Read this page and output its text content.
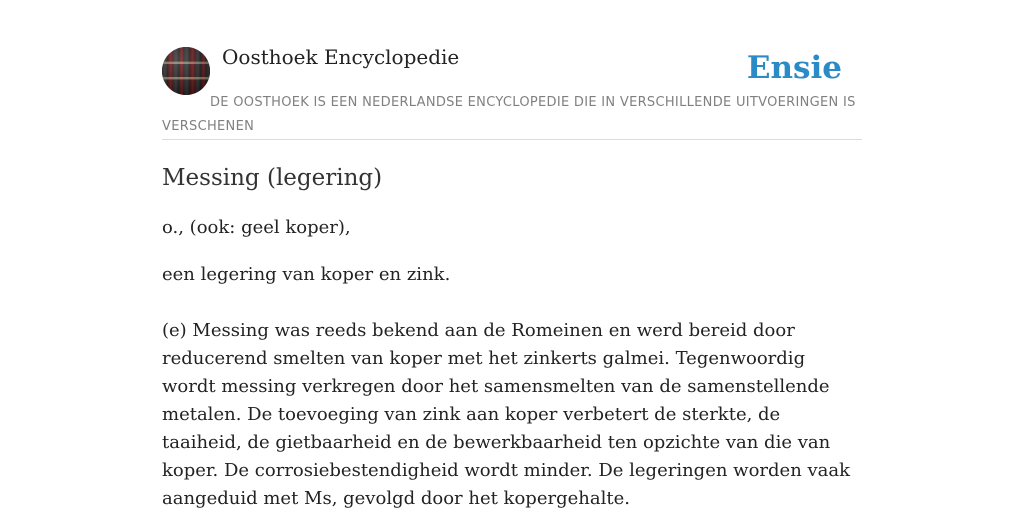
Oosthoek Encyclopedie	Ensie
DE OOSTHOEK IS EEN NEDERLANDSE ENCYCLOPEDIE DIE IN VERSCHILLENDE UITVOERINGEN IS VERSCHENEN
Messing (legering)

o., (ook: geel koper),

een legering van koper en zink.

(e) Messing was reeds bekend aan de Romeinen en werd bereid door reducerend smelten van koper met het zinkerts galmei. Tegenwoordig wordt messing verkregen door het samensmelten van de samenstellende metalen. De toevoeging van zink aan koper verbetert de sterkte, de taaiheid, de gietbaarheid en de bewerkbaarheid ten opzichte van die van koper. De corrosiebestendigheid wordt minder. De legeringen worden vaak aangeduid met Ms, gevolgd door het kopergehalte.
